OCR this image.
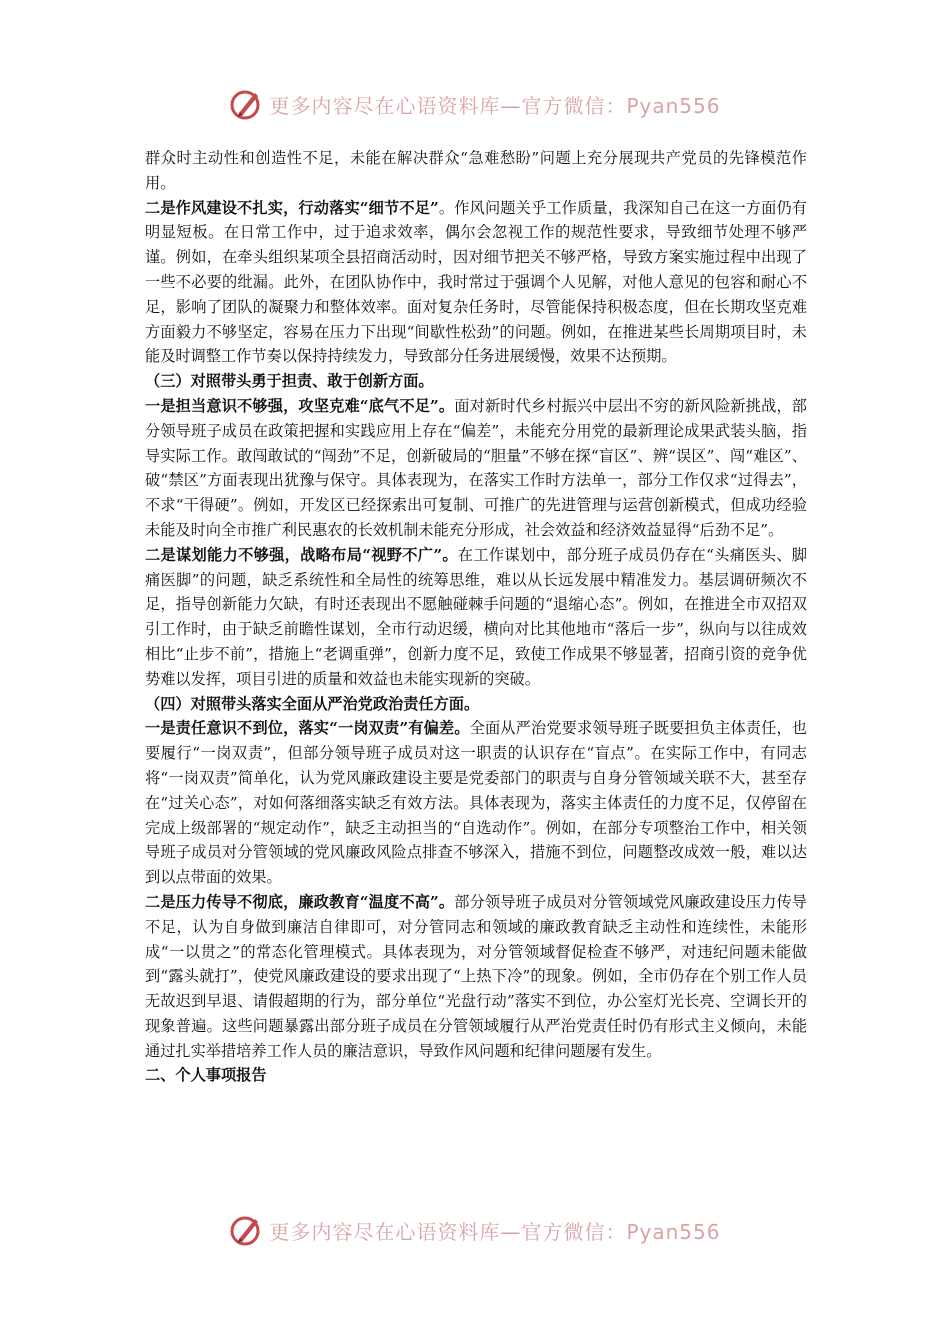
更多内容尽在心语资料库—官方微信：Pyan556

群众时主动性和创造性不足，未能在解决群众“急难愁盼”问题上充分展现共产党员的先锋模范作用。

二是作风建设不扎实，行动落实“细节不足”。作风问题关乎工作质量，我深知自己在这一方面仍有明显短板。在日常工作中，过于追求效率，偶尔会忽视工作的规范性要求，导致细节处理不够严谨。例如，在牵头组织某项全县招商活动时，因对细节把关不够严格，导致方案实施过程中出现了一些不必要的纰漏。此外，在团队协作中，我时常过于强调个人见解，对他人意见的包容和耐心不足，影响了团队的凝聚力和整体效率。面对复杂任务时，尽管能保持积极态度，但在长期攻坚克难方面毅力不够坚定，容易在压力下出现“间歇性松劲”的问题。例如，在推进某些长周期项目时，未能及时调整工作节奏以保持持续发力，导致部分任务进展缓慢，效果不达预期。

（三）对照带头勇于担责、敢于创新方面。

一是担当意识不够强，攻坚克难“底气不足”。面对新时代乡村振兴中层出不穷的新风险新挑战，部分领导班子成员在政策把握和实践应用上存在“偏差”，未能充分用党的最新理论成果武装头脑，指导实际工作。敢闯敢试的“闯劲”不足，创新破局的“胆量”不够在探“盲区”、辨“误区”、闯“难区”、破“禁区”方面表现出犹豫与保守。具体表现为，在落实工作时方法单一，部分工作仅求“过得去”，不求“干得硬”。例如，开发区已经探索出可复制、可推广的先进管理与运营创新模式，但成功经验未能及时向全市推广利民惠农的长效机制未能充分形成，社会效益和经济效益显得“后劲不足”。

二是谋划能力不够强，战略布局“视野不广”。在工作谋划中，部分班子成员仍存在“头痛医头、脚痛医脚”的问题，缺乏系统性和全局性的统筹思维，难以从长远发展中精准发力。基层调研频次不足，指导创新能力欠缺，有时还表现出不愿触碰棘手问题的“退缩心态”。例如，在推进全市双招双引工作时，由于缺乏前瞻性谋划，全市行动迟缓，横向对比其他地市“落后一步”，纵向与以往成效相比“止步不前”，措施上“老调重弹”，创新力度不足，致使工作成果不够显著，招商引资的竞争优势难以发挥，项目引进的质量和效益也未能实现新的突破。

（四）对照带头落实全面从严治党政治责任方面。

一是责任意识不到位，落实“一岗双责”有偏差。全面从严治党要求领导班子既要担负主体责任，也要履行“一岗双责”，但部分领导班子成员对这一职责的认识存在“盲点”。在实际工作中，有同志将“一岗双责”简单化，认为党风廉政建设主要是党委部门的职责与自身分管领域关联不大，甚至存在“过关心态”，对如何落细落实缺乏有效方法。具体表现为，落实主体责任的力度不足，仅停留在完成上级部署的“规定动作”，缺乏主动担当的“自选动作”。例如，在部分专项整治工作中，相关领导班子成员对分管领域的党风廉政风险点排查不够深入，措施不到位，问题整改成效一般，难以达到以点带面的效果。

二是压力传导不彻底，廉政教育“温度不高”。部分领导班子成员对分管领域党风廉政建设压力传导不足，认为自身做到廉洁自律即可，对分管同志和领域的廉政教育缺乏主动性和连续性，未能形成“一以贯之”的常态化管理模式。具体表现为，对分管领域督促检查不够严，对违纪问题未能做到“露头就打”，使党风廉政建设的要求出现了“上热下冷”的现象。例如，全市仍存在个别工作人员无故迟到早退、请假超期的行为，部分单位“光盘行动”落实不到位，办公室灯光长亮、空调长开的现象普遍。这些问题暴露出部分班子成员在分管领域履行从严治党责任时仍有形式主义倾向，未能通过扎实举措培养工作人员的廉洁意识，导致作风问题和纪律问题屡有发生。

二、个人事项报告

更多内容尽在心语资料库—官方微信：Pyan556
